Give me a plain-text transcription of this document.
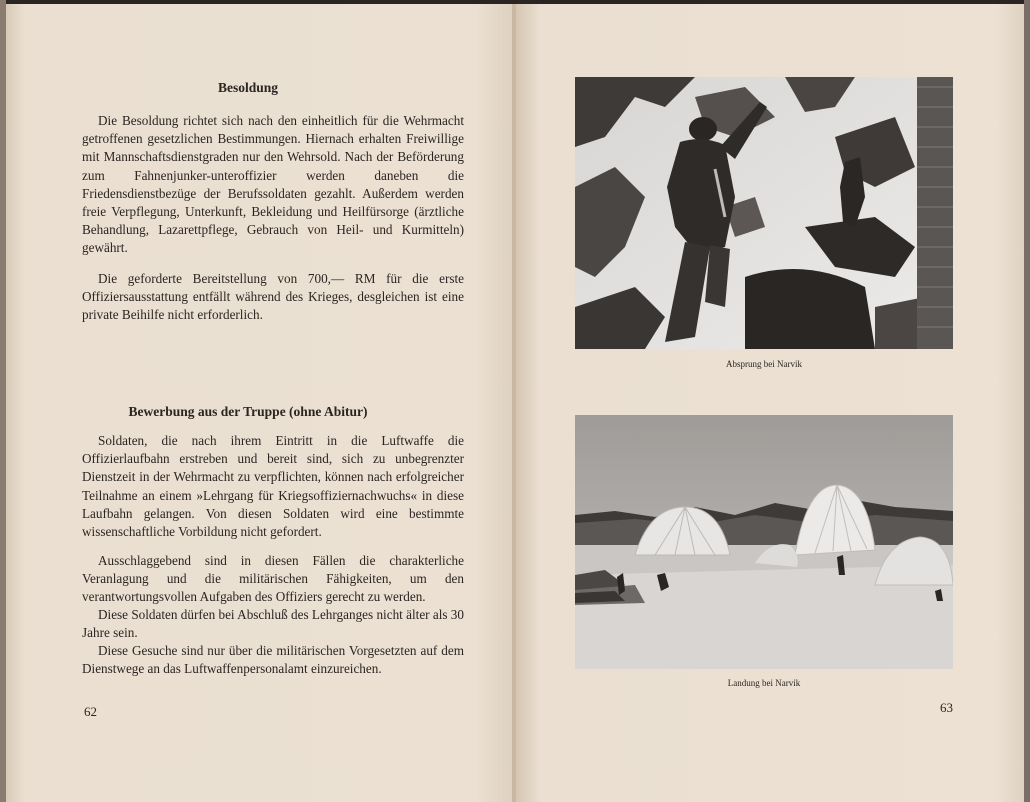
Besoldung

Die Besoldung richtet sich nach den einheitlich für die Wehrmacht getroffenen gesetzlichen Bestimmungen. Hiernach erhalten Freiwillige mit Mannschaftsdienstgraden nur den Wehrsold. Nach der Beförderung zum Fahnenjunker-unteroffizier werden daneben die Friedensdienstbezüge der Berufssoldaten gezahlt. Außerdem werden freie Verpflegung, Unterkunft, Bekleidung und Heilfürsorge (ärztliche Behandlung, Lazarettpflege, Gebrauch von Heil- und Kurmitteln) gewährt.

Die geforderte Bereitstellung von 700,— RM für die erste Offiziersausstattung entfällt während des Krieges, desgleichen ist eine private Beihilfe nicht erforderlich.

Bewerbung aus der Truppe (ohne Abitur)

Soldaten, die nach ihrem Eintritt in die Luftwaffe die Offizierlaufbahn erstreben und bereit sind, sich zu unbegrenzter Dienstzeit in der Wehrmacht zu verpflichten, können nach erfolgreicher Teilnahme an einem »Lehrgang für Kriegsoffiziernachwuchs« in diese Laufbahn gelangen. Von diesen Soldaten wird eine bestimmte wissenschaftliche Vorbildung nicht gefordert.

Ausschlaggebend sind in diesen Fällen die charakterliche Veranlagung und die militärischen Fähigkeiten, um den verantwortungsvollen Aufgaben des Offiziers gerecht zu werden.

Diese Soldaten dürfen bei Abschluß des Lehrganges nicht älter als 30 Jahre sein.

Diese Gesuche sind nur über die militärischen Vorgesetzten auf dem Dienstwege an das Luftwaffenpersonalamt einzureichen.

62
Absprung bei Narvik
Landung bei Narvik
63
